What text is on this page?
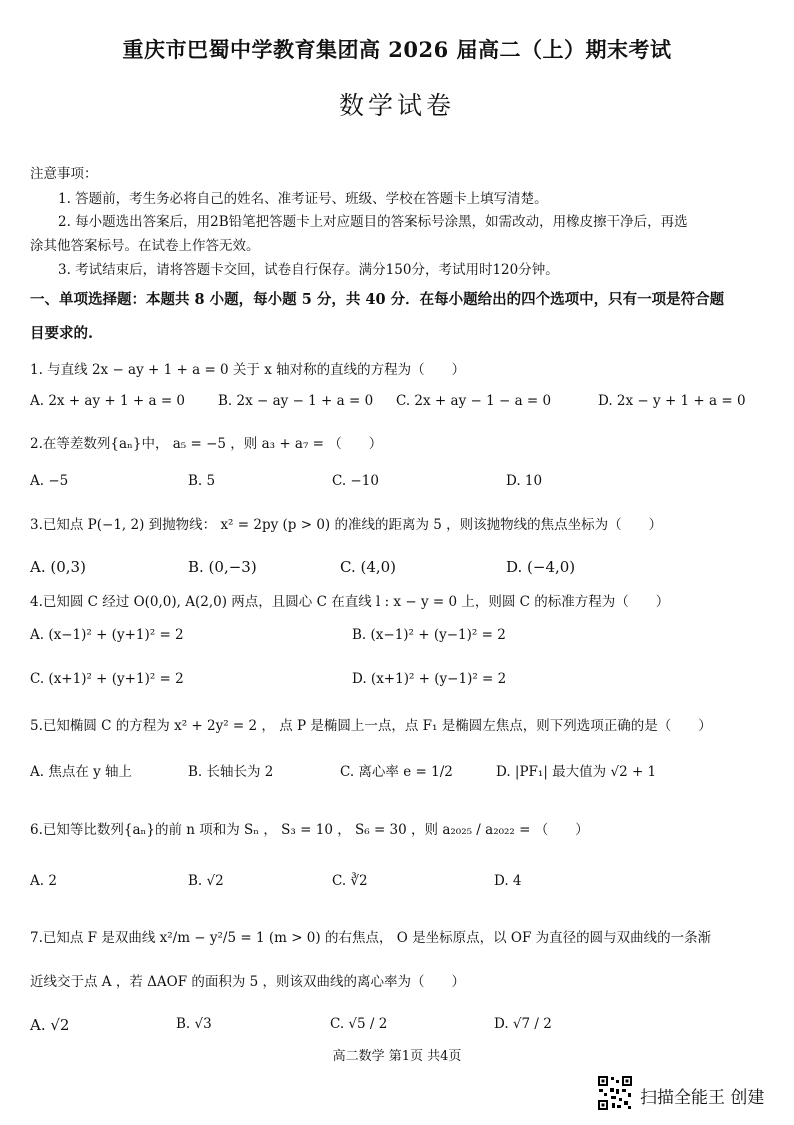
重庆市巴蜀中学教育集团高 2026 届高二（上）期末考试
数学试卷
注意事项：
1. 答题前，考生务必将自己的姓名、准考证号、班级、学校在答题卡上填写清楚。
2. 每小题选出答案后，用2B铅笔把答题卡上对应题目的答案标号涂黑，如需改动，用橡皮擦干净后，再选
涂其他答案标号。在试卷上作答无效。
3. 考试结束后，请将答题卡交回，试卷自行保存。满分150分，考试用时120分钟。
一、单项选择题：本题共 8 小题，每小题 5 分，共 40 分．在每小题给出的四个选项中，只有一项是符合题
目要求的.
1. 与直线 2x − ay + 1 + a = 0 关于 x 轴对称的直线的方程为（　　）
A. 2x + ay + 1 + a = 0 B. 2x − ay − 1 + a = 0 C. 2x + ay − 1 − a = 0	D. 2x − y + 1 + a = 0
2.在等差数列{aₙ}中， a₅ = −5 ，则 a₃ + a₇ = （　　）
A. −5	B. 5	C. −10	D. 10
3.已知点 P(−1, 2) 到抛物线： x² = 2py (p > 0) 的准线的距离为 5 ，则该抛物线的焦点坐标为（　　）
A. (0,3)	B. (0,−3)	C. (4,0)	D. (−4,0)
4.已知圆 C 经过 O(0,0), A(2,0) 两点，且圆心 C 在直线 l : x − y = 0 上，则圆 C 的标准方程为（　　）
A. (x−1)² + (y+1)² = 2	B. (x−1)² + (y−1)² = 2
C. (x+1)² + (y+1)² = 2	D. (x+1)² + (y−1)² = 2
5.已知椭圆 C 的方程为 x² + 2y² = 2 ， 点 P 是椭圆上一点，点 F₁ 是椭圆左焦点，则下列选项正确的是（　　）
A. 焦点在 y 轴上	B. 长轴长为 2	C. 离心率 e = 1/2	D. |PF₁| 最大值为 √2 + 1
6.已知等比数列{aₙ}的前 n 项和为 Sₙ ， S₃ = 10 ， S₆ = 30 ，则 a₂₀₂₅ / a₂₀₂₂ = （　　）
A. 2	B. √2	C. ∛2	D. 4
7.已知点 F 是双曲线 x²/m − y²/5 = 1 (m > 0) 的右焦点， O 是坐标原点，以 OF 为直径的圆与双曲线的一条渐
近线交于点 A ，若 ΔAOF 的面积为 5 ，则该双曲线的离心率为（　　）
A. √2	B. √3	C. √5 / 2	D. √7 / 2
高二数学 第1页 共4页
扫描全能王 创建
